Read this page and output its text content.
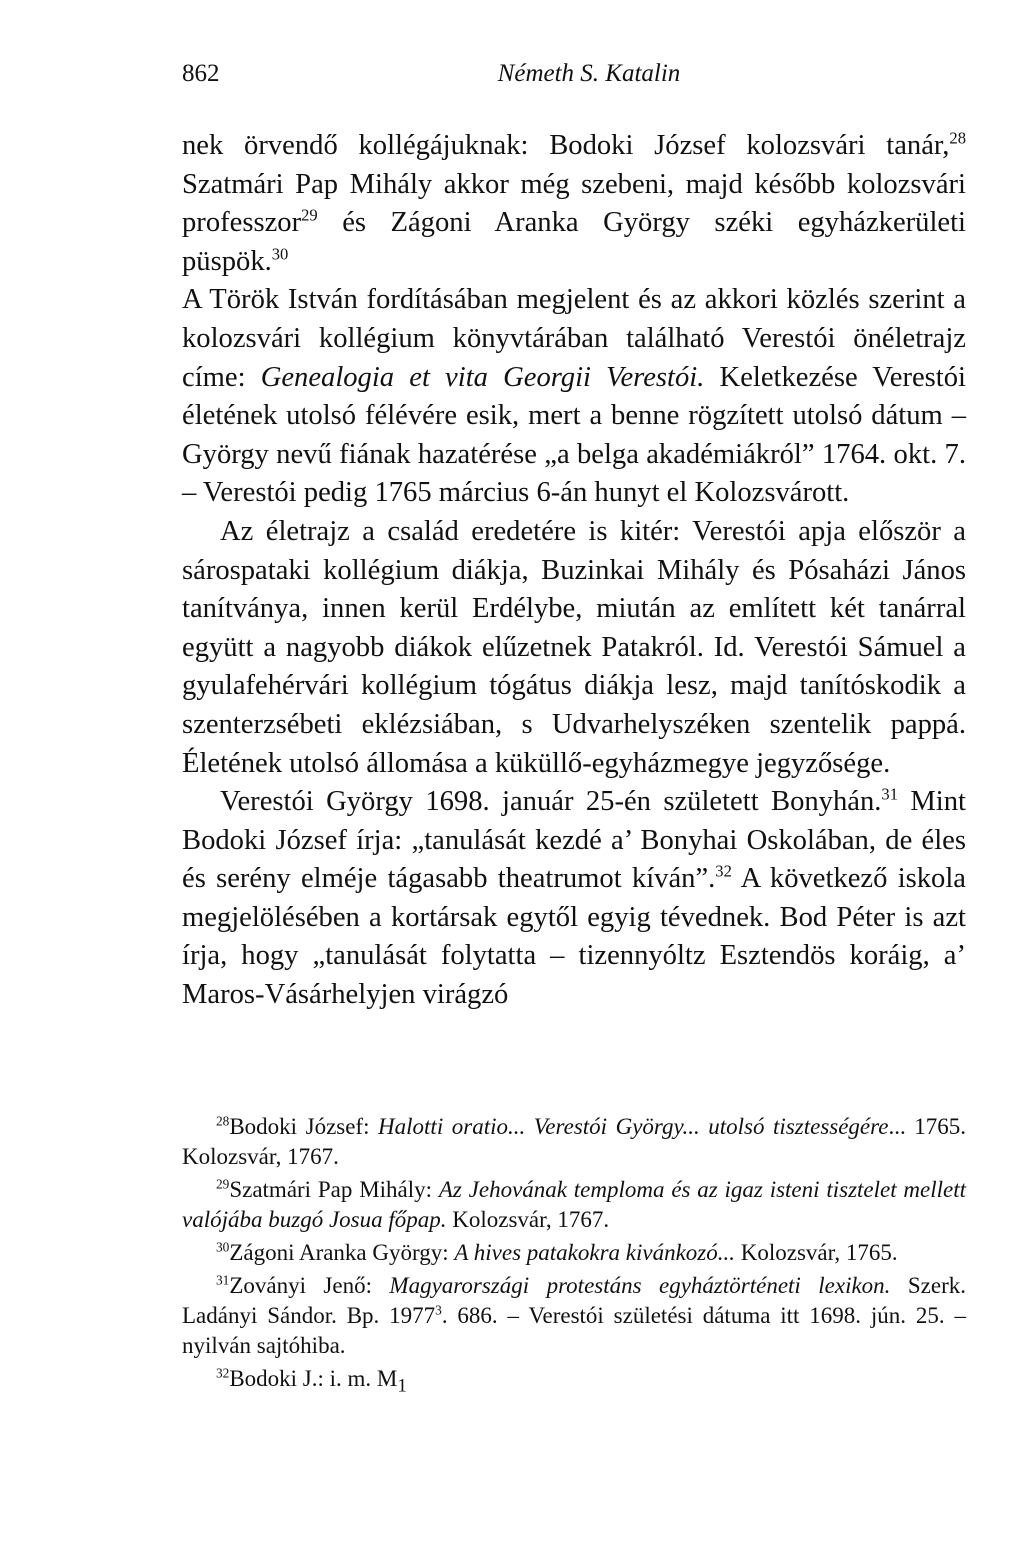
862	Németh S. Katalin

nek örvendő kollégájuknak: Bodoki József kolozsvári tanár,$^{28}$ Szatmári Pap Mihály akkor még szebeni, majd később kolozsvári professzor$^{29}$ és Zágoni Aranka György széki egyházkerületi püspök.$^{30}$

A Török István fordításában megjelent és az akkori közlés szerint a kolozsvári kollégium könyvtárában található Verestói önéletrajz címe: Genealogia et vita Georgii Verestói. Keletkezése Verestói életének utolsó félévére esik, mert a benne rögzített utolsó dátum – György nevű fiának hazatérése „a belga akadémiákról” 1764. okt. 7. – Verestói pedig 1765 március 6-án hunyt el Kolozsvárott.

Az életrajz a család eredetére is kitér: Verestói apja először a sárospataki kollégium diákja, Buzinkai Mihály és Pósaházi János tanítványa, innen kerül Erdélybe, miután az említett két tanárral együtt a nagyobb diákok elűzetnek Patakról. Id. Verestói Sámuel a gyulafehérvári kollégium tógátus diákja lesz, majd tanítóskodik a szenterzsébeti eklézsiában, s Udvarhelyszéken szentelik pappá. Életének utolsó állomása a küküllő-egyházmegye jegyzősége.

Verestói György 1698. január 25-én született Bonyhán.$^{31}$ Mint Bodoki József írja: „tanulását kezdé a’ Bonyhai Oskolában, de éles és serény elméje tágasabb theatrumot kíván”.$^{32}$ A következő iskola megjelölésében a kortársak egytől egyig tévednek. Bod Péter is azt írja, hogy „tanulását folytatta – tizennyóltz Esztendös koráig, a’ Maros-Vásárhelyjen virágzó

$^{28}$Bodoki József: Halotti oratio... Verestói György... utolsó tisztességére... 1765. Kolozsvár, 1767.

$^{29}$Szatmári Pap Mihály: Az Jehovának temploma és az igaz isteni tisztelet mellett valójába buzgó Josua főpap. Kolozsvár, 1767.

$^{30}$Zágoni Aranka György: A hives patakokra kivánkozó... Kolozsvár, 1765.

$^{31}$Zoványi Jenő: Magyarországi protestáns egyháztörténeti lexikon. Szerk. Ladányi Sándor. Bp. 1977$^3$. 686. – Verestói születési dátuma itt 1698. jún. 25. – nyilván sajtóhiba.

$^{32}$Bodoki J.: i. m. $M_1$
